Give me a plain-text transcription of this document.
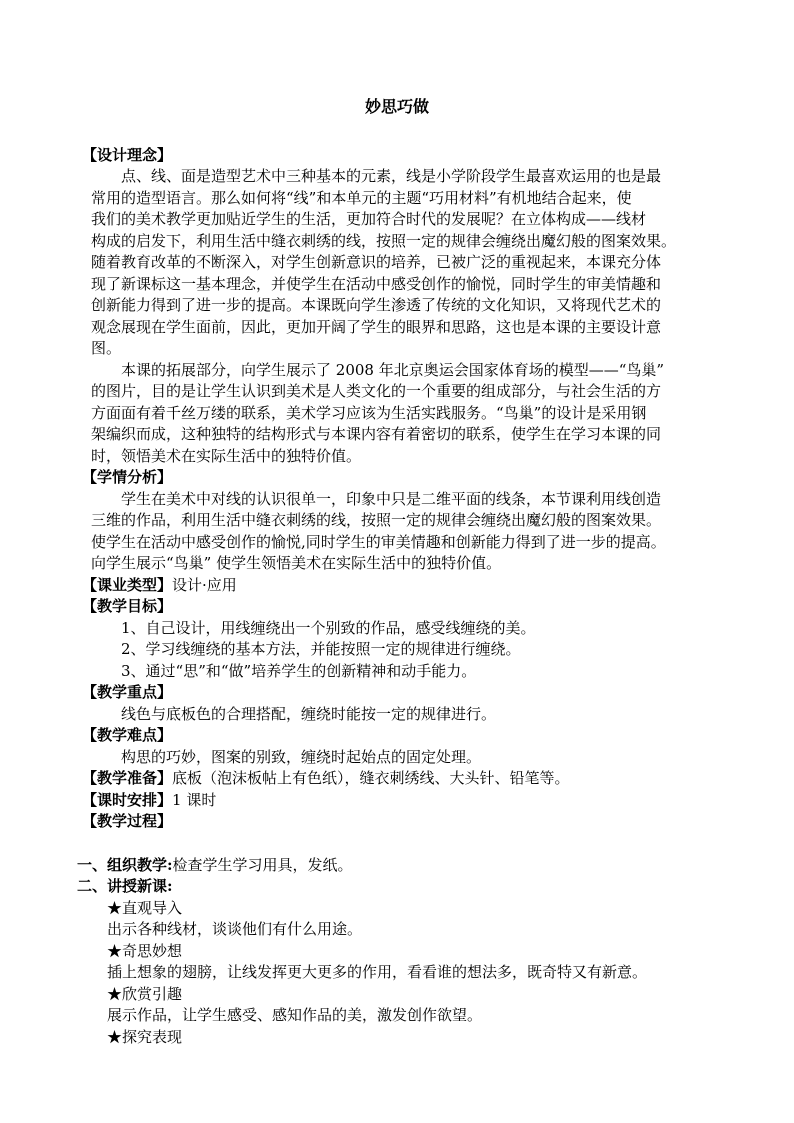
妙思巧做
【设计理念】
点、线、面是造型艺术中三种基本的元素，线是小学阶段学生最喜欢运用的也是最
常用的造型语言。那么如何将“线”和本单元的主题“巧用材料”有机地结合起来，使
我们的美术教学更加贴近学生的生活，更加符合时代的发展呢？在立体构成——线材
构成的启发下，利用生活中缝衣刺绣的线，按照一定的规律会缠绕出魔幻般的图案效果。
随着教育改革的不断深入，对学生创新意识的培养，已被广泛的重视起来，本课充分体
现了新课标这一基本理念，并使学生在活动中感受创作的愉悦，同时学生的审美情趣和
创新能力得到了进一步的提高。本课既向学生渗透了传统的文化知识，又将现代艺术的
观念展现在学生面前，因此，更加开阔了学生的眼界和思路，这也是本课的主要设计意
图。
本课的拓展部分，向学生展示了 2008 年北京奥运会国家体育场的模型——“鸟巢”
的图片，目的是让学生认识到美术是人类文化的一个重要的组成部分，与社会生活的方
方面面有着千丝万缕的联系，美术学习应该为生活实践服务。“鸟巢”的设计是采用钢
架编织而成，这种独特的结构形式与本课内容有着密切的联系，使学生在学习本课的同
时，领悟美术在实际生活中的独特价值。
【学情分析】
学生在美术中对线的认识很单一，印象中只是二维平面的线条，本节课利用线创造
三维的作品，利用生活中缝衣刺绣的线，按照一定的规律会缠绕出魔幻般的图案效果。
使学生在活动中感受创作的愉悦,同时学生的审美情趣和创新能力得到了进一步的提高。
向学生展示“鸟巢” 使学生领悟美术在实际生活中的独特价值。
【课业类型】设计·应用
【教学目标】
1、自己设计，用线缠绕出一个别致的作品，感受线缠绕的美。
2、学习线缠绕的基本方法，并能按照一定的规律进行缠绕。
3、通过“思”和“做”培养学生的创新精神和动手能力。
【教学重点】
线色与底板色的合理搭配，缠绕时能按一定的规律进行。
【教学难点】
构思的巧妙，图案的别致，缠绕时起始点的固定处理。
【教学准备】底板（泡沫板帖上有色纸），缝衣刺绣线、大头针、铅笔等。
【课时安排】1 课时
【教学过程】
一、组织教学:检查学生学习用具，发纸。
二、讲授新课:
★直观导入
出示各种线材，谈谈他们有什么用途。
★奇思妙想
插上想象的翅膀，让线发挥更大更多的作用，看看谁的想法多，既奇特又有新意。
★欣赏引趣
展示作品，让学生感受、感知作品的美，激发创作欲望。
★探究表现
